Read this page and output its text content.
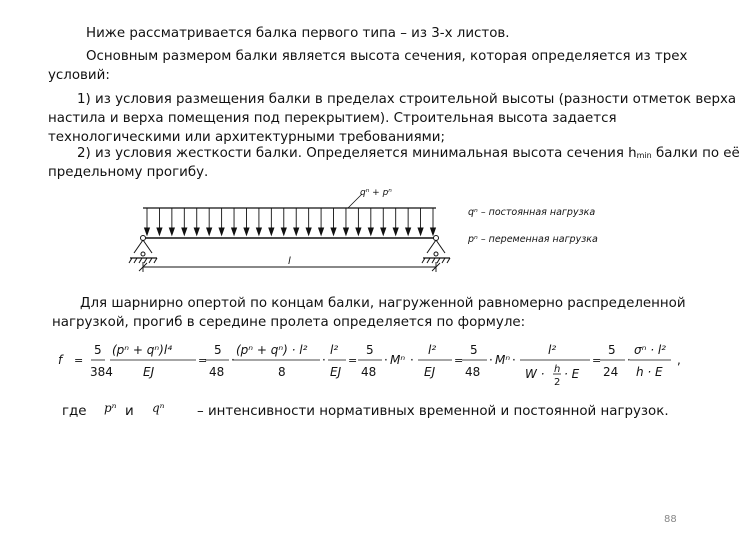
Ниже рассматривается балка первого типа – из 3-х листов.
Основным размером балки является высота сечения, которая определяется из трех
условий:
1) из условия размещения балки в пределах строительной высоты (разности отметок верха
настила и верха помещения под перекрытием). Строительная высота задается
технологическими или архитектурными требованиями;
2) из условия жесткости балки. Определяется минимальная высота сечения hmin балки по её
предельному прогибу.
l
qⁿ + pⁿ
qⁿ – постоянная нагрузка
pⁿ – переменная нагрузка
Для шарнирно опертой по концам балки, нагруженной равномерно распределенной
нагрузкой, прогиб в середине пролета определяется по формуле:
f
5
384
(pⁿ + qⁿ)l⁴
EJ
5
48
·
(pⁿ + qⁿ) · l²
8
·
l²
EJ
5
48
· Mⁿ ·
l²
EJ
5
48
· Mⁿ ·
l²
W · h
2
· E
5
24
·
σⁿ · l²
h · E
,
=	=	=	=	=
где pⁿ и qⁿ – интенсивности нормативных временной и постоянной нагрузок.
88
